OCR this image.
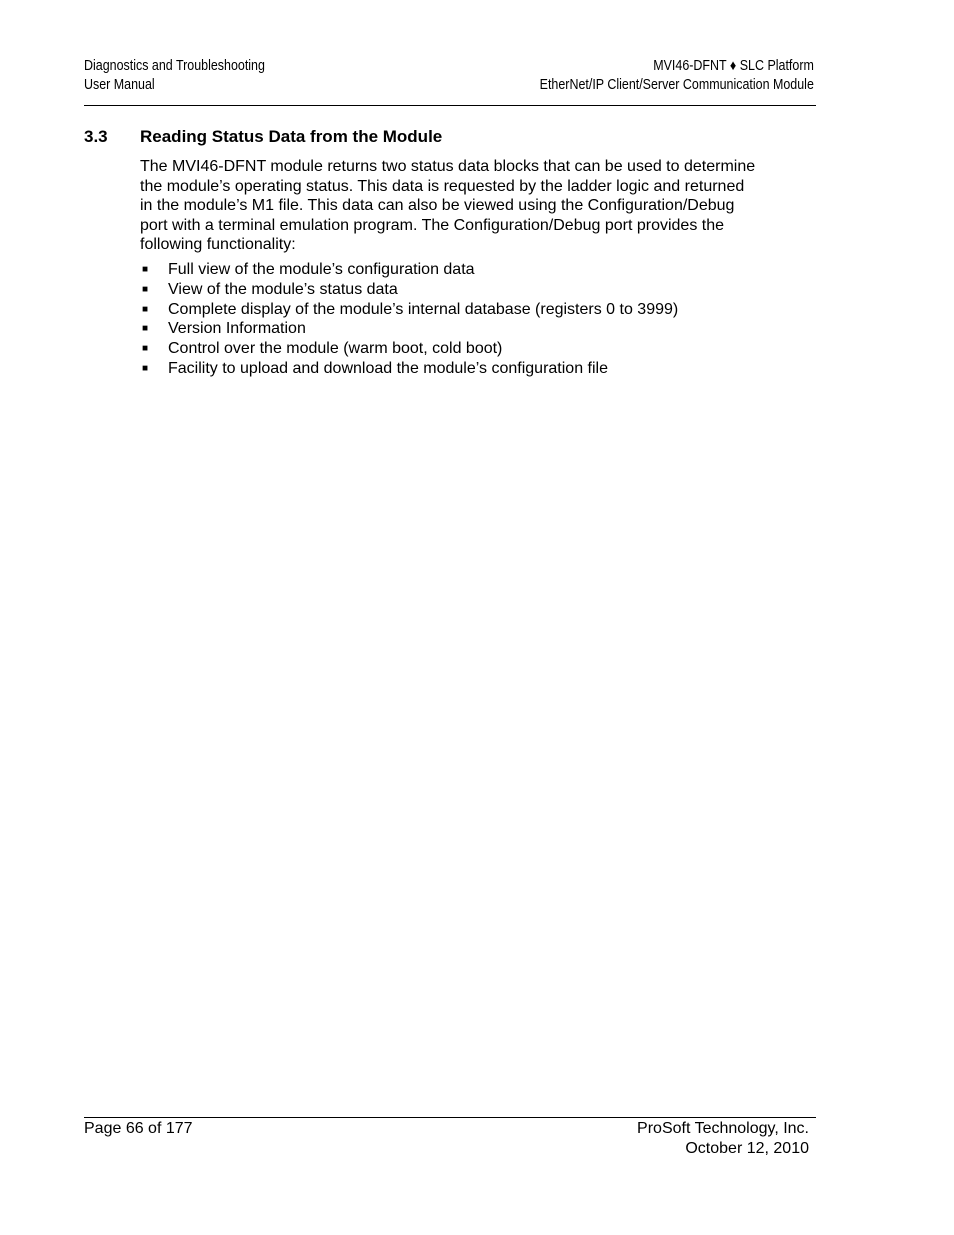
Diagnostics and Troubleshooting
User Manual
MVI46-DFNT ♦ SLC Platform
EtherNet/IP Client/Server Communication Module
3.3 Reading Status Data from the Module

The MVI46-DFNT module returns two status data blocks that can be used to determine the module’s operating status. This data is requested by the ladder logic and returned in the module’s M1 file. This data can also be viewed using the Configuration/Debug port with a terminal emulation program. The Configuration/Debug port provides the following functionality:

■ Full view of the module’s configuration data
■ View of the module’s status data
■ Complete display of the module’s internal database (registers 0 to 3999)
■ Version Information
■ Control over the module (warm boot, cold boot)
■ Facility to upload and download the module’s configuration file
Page 66 of 177	ProSoft Technology, Inc.
October 12, 2010
